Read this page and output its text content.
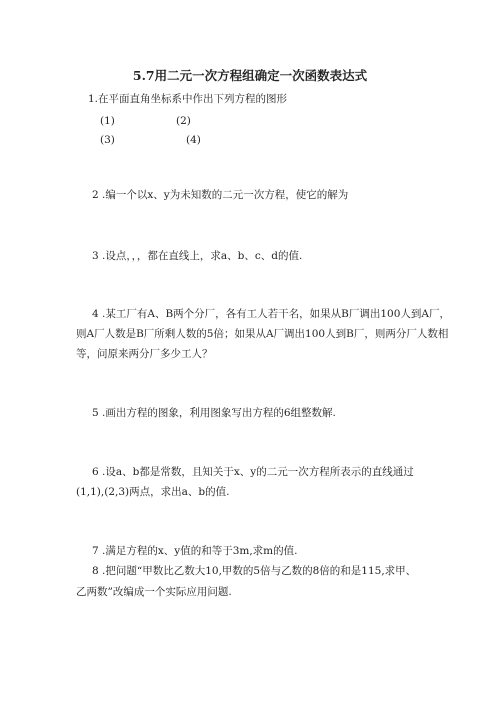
5.7用二元一次方程组确定一次函数表达式
1.在平面直角坐标系中作出下列方程的图形
(1)	(2)
(3)	(4)
2 .编一个以x、y为未知数的二元一次方程，使它的解为
3 .设点，，，都在直线上，求a、b、c、d的值.
4 .某工厂有A、B两个分厂，各有工人若干名，如果从B厂调出100人到A厂，
则A厂人数是B厂所剩人数的5倍；如果从A厂调出100人到B厂，则两分厂人数相
等，问原来两分厂多少工人？
5 .画出方程的图象，利用图象写出方程的6组整数解.
6 .设a、b都是常数，且知关于x、y的二元一次方程所表示的直线通过
(1,1),(2,3)两点，求出a、b的值.
7 .满足方程的x、y值的和等于3m,求m的值.
8 .把问题“甲数比乙数大10,甲数的5倍与乙数的8倍的和是115,求甲、
乙两数”改编成一个实际应用问题.
